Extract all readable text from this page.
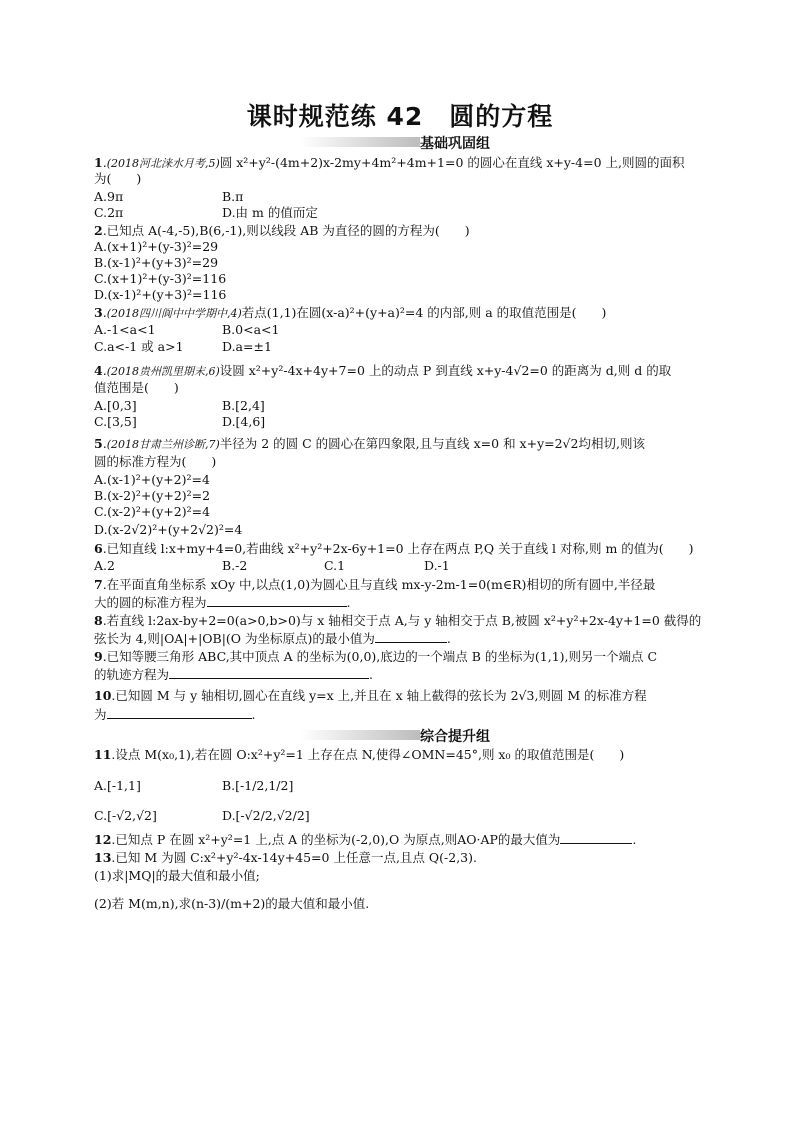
课时规范练 42　圆的方程
基础巩固组
1.(2018河北涞水月考,5)圆 x²+y²-(4m+2)x-2my+4m²+4m+1=0 的圆心在直线 x+y-4=0 上,则圆的面积
为(　　)
A.9π	B.π
C.2π	D.由 m 的值而定
2.已知点 A(-4,-5),B(6,-1),则以线段 AB 为直径的圆的方程为(　　)
A.(x+1)²+(y-3)²=29
B.(x-1)²+(y+3)²=29
C.(x+1)²+(y-3)²=116
D.(x-1)²+(y+3)²=116
3.(2018四川阆中中学期中,4)若点(1,1)在圆(x-a)²+(y+a)²=4 的内部,则 a 的取值范围是(　　)
A.-1<a<1	B.0<a<1
C.a<-1 或 a>1	D.a=±1
4.(2018贵州凯里期末,6)设圆 x²+y²-4x+4y+7=0 上的动点 P 到直线 x+y-4√2=0 的距离为 d,则 d 的取
值范围是(　　)
A.[0,3]	B.[2,4]
C.[3,5]	D.[4,6]
5.(2018甘肃兰州诊断,7)半径为 2 的圆 C 的圆心在第四象限,且与直线 x=0 和 x+y=2√2均相切,则该
圆的标准方程为(　　)
A.(x-1)²+(y+2)²=4
B.(x-2)²+(y+2)²=2
C.(x-2)²+(y+2)²=4
D.(x-2√2)²+(y+2√2)²=4
6.已知直线 l:x+my+4=0,若曲线 x²+y²+2x-6y+1=0 上存在两点 P,Q 关于直线 l 对称,则 m 的值为(　　)
A.2	B.-2	C.1	D.-1
7.在平面直角坐标系 xOy 中,以点(1,0)为圆心且与直线 mx-y-2m-1=0(m∈R)相切的所有圆中,半径最
大的圆的标准方程为	.
8.若直线 l:2ax-by+2=0(a>0,b>0)与 x 轴相交于点 A,与 y 轴相交于点 B,被圆 x²+y²+2x-4y+1=0 截得的
弦长为 4,则|OA|+|OB|(O 为坐标原点)的最小值为	.
9.已知等腰三角形 ABC,其中顶点 A 的坐标为(0,0),底边的一个端点 B 的坐标为(1,1),则另一个端点 C
的轨迹方程为	.
10.已知圆 M 与 y 轴相切,圆心在直线 y=x 上,并且在 x 轴上截得的弦长为 2√3,则圆 M 的标准方程
为	.
综合提升组
11.设点 M(x₀,1),若在圆 O:x²+y²=1 上存在点 N,使得∠OMN=45°,则 x₀ 的取值范围是(　　)
A.[-1,1]	B.[-1/2,1/2]
C.[-√2,√2]	D.[-√2/2,√2/2]
12.已知点 P 在圆 x²+y²=1 上,点 A 的坐标为(-2,0),O 为原点,则AO·AP的最大值为	.
13.已知 M 为圆 C:x²+y²-4x-14y+45=0 上任意一点,且点 Q(-2,3).
(1)求|MQ|的最大值和最小值;
(2)若 M(m,n),求(n-3)/(m+2)的最大值和最小值.
